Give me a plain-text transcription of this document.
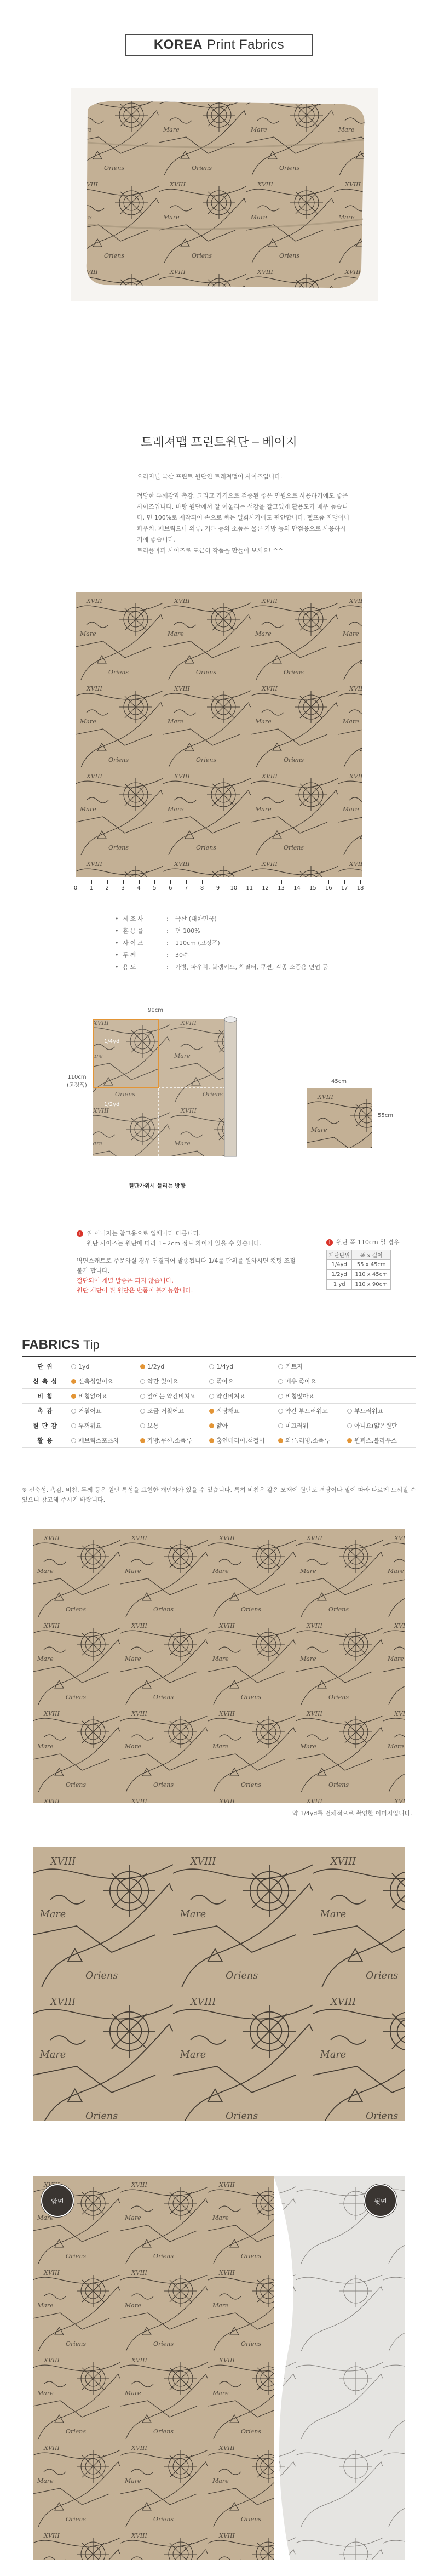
KOREA Print Fabrics
트래져맵 프린트원단 – 베이지
오리지널 국산 프린트 원단인 트래져맵이 사이즈입니다.
적당한 두께감과 촉감, 그리고 가격으로 검증된 좋은 면원으로 사용하기에도 좋은 사이즈입니다. 바탕 원단에서 잘 어울리는 색감을 잘고있게 활용도가 매우 높습니다. 면 100%로 제작되어 손으로 빠는 일회사가에도 편안합니다. 헬프좀 지맹이나 파우치, 패브릭으나 의류, 커튼 등의 소품은 물론 가방 등의 만점용으로 사용하시기에 좋습니다.
트리플마퍼 사이즈로 포근히 작품을 만들어 보세요! ^^
0 1 2 3 4 5 6 7 8 9 10 11 12 13 14 15 16 17 18
• 제조사	:	국산 (대한민국)
• 혼용률	:	면 100%
• 사이즈	:	110cm (고정폭)
• 두께	:	30수
• 용도	:	가방, 파우치, 블랭키드, 책필터, 쿠션, 각종 소품용 면업 등
90cm
110cm
(고정폭)
1/4yd
1/2yd
원단가위시 틀리는 방향
45cm
55cm
! 위 이미지는 참고용으로 업체마다 다릅니다.
원단 사이즈는 원단에 따라 1~2cm 정도 차이가 있을 수 있습니다.
벽면스캐트로 주문하실 경우 연결되어 발송됩니다 1/4롤 단위를 원하시면 컷팅 조절 불가 합니다.
절단되어 개별 발송은 되지 않습니다.
원단 재단이 된 원단은 반품이 불가능합니다.
! 원단 폭 110cm 일 경우
재단단위	폭 x 길이
1/4yd	55 x 45cm
1/2yd	110 x 45cm
1 yd	110 x 90cm
FABRICS Tip
단위	1yd	1/2yd	1/4yd	커트지
신축성	신축성없어요	약간 있어요	좋아요	매우 좋아요
비침	비침없어요	앞에는 약간비쳐요	약간비쳐요	비침많아요
촉감	거칠어요	조금 거칠어요	적당해요	약간 부드러워요	부드러워요
원단감	두꺼워요	보통	얇아	미끄러워	아니요(얇은원단
활용	패브릭스포츠차	가방,쿠션,소품류	홈인테리어,책걸이	의류,리빙,소품류	원피스,블라우스
※ 신축성, 촉감, 비침, 두께 등은 원단 특성을 표현한 개인차가 있을 수 있습니다. 특히 비침은 같은 모재에 원단도 격당이나 밑에 따라 다르게 느껴질 수 있으니 참고해 주시기 바랍니다.
약 1/4yd를 전체적으로 촬영한 이미지입니다.
앞면	뒷면
